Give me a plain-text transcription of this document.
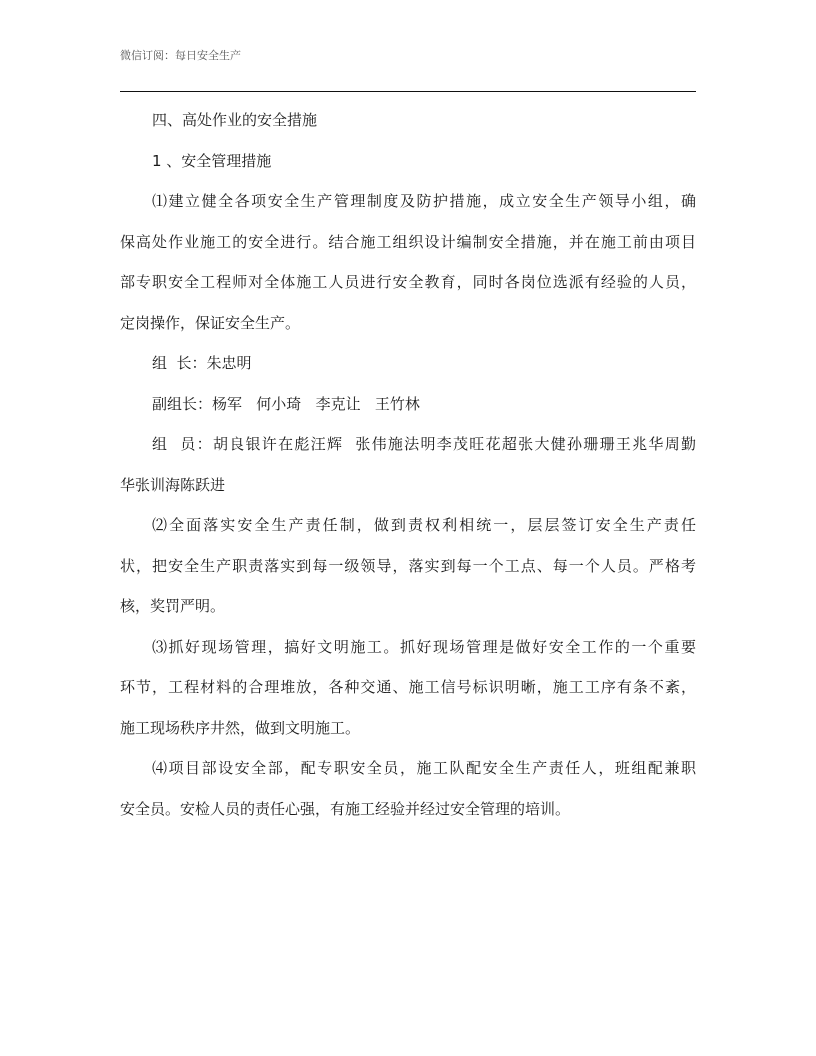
微信订阅：每日安全生产
四、高处作业的安全措施
1 、安全管理措施
⑴建立健全各项安全生产管理制度及防护措施，成立安全生产领导小组，确
保高处作业施工的安全进行。结合施工组织设计编制安全措施，并在施工前由项目
部专职安全工程师对全体施工人员进行安全教育，同时各岗位选派有经验的人员，
定岗操作，保证安全生产。
组  长：朱忠明
副组长：杨军   何小琦   李克让   王竹林
组  员：胡良银许在彪汪辉  张伟施法明李茂旺花超张大健孙珊珊王兆华周勤
华张训海陈跃进
⑵全面落实安全生产责任制，做到责权利相统一，层层签订安全生产责任
状，把安全生产职责落实到每一级领导，落实到每一个工点、每一个人员。严格考
核，奖罚严明。
⑶抓好现场管理，搞好文明施工。抓好现场管理是做好安全工作的一个重要
环节，工程材料的合理堆放，各种交通、施工信号标识明晰，施工工序有条不紊，
施工现场秩序井然，做到文明施工。
⑷项目部设安全部，配专职安全员，施工队配安全生产责任人，班组配兼职
安全员。安检人员的责任心强，有施工经验并经过安全管理的培训。
